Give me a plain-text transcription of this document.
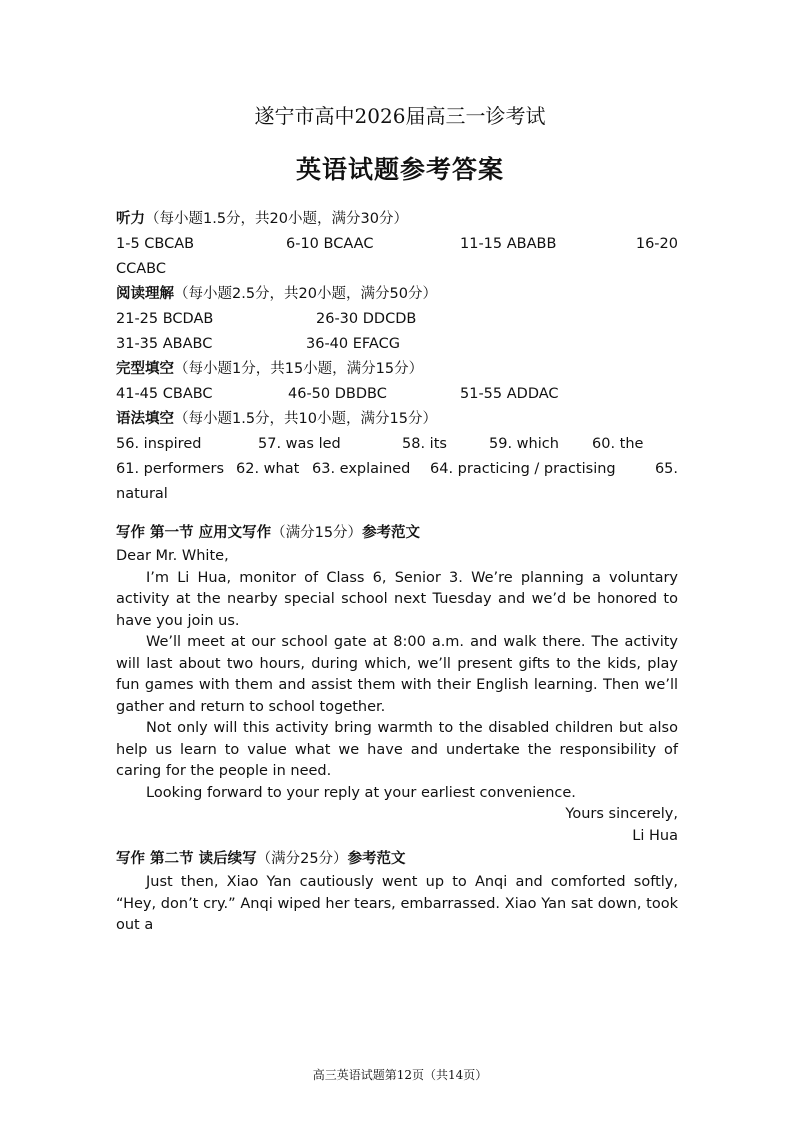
遂宁市高中2026届高三一诊考试
英语试题参考答案
听力（每小题1.5分，共20小题，满分30分）
1-5 CBCAB	6-10 BCAAC	11-15 ABABB	16-20
CCABC
阅读理解（每小题2.5分，共20小题，满分50分）
21-25 BCDAB	26-30 DDCDB
31-35 ABABC	36-40 EFACG
完型填空（每小题1分，共15小题，满分15分）
41-45 CBABC	46-50 DBDBC	51-55 ADDAC
语法填空（每小题1.5分，共10小题，满分15分）
56. inspired	57. was led	58. its	59. which 60. the
61. performers 62. what 63. explained 64. practicing / practising	65.
natural
写作 第一节 应用文写作（满分15分）参考范文

Dear Mr. White,

I’m Li Hua, monitor of Class 6, Senior 3. We’re planning a voluntary activity at the nearby special school next Tuesday and we’d be honored to have you join us.

We’ll meet at our school gate at 8:00 a.m. and walk there. The activity will last about two hours, during which, we’ll present gifts to the kids, play fun games with them and assist them with their English learning. Then we’ll gather and return to school together.

Not only will this activity bring warmth to the disabled children but also help us learn to value what we have and undertake the responsibility of caring for the people in need.

Looking forward to your reply at your earliest convenience.

Yours sincerely,

Li Hua

写作 第二节 读后续写（满分25分）参考范文

Just then, Xiao Yan cautiously went up to Anqi and comforted softly, “Hey, don’t cry.” Anqi wiped her tears, embarrassed. Xiao Yan sat down, took out a

高三英语试题第12页（共14页）
